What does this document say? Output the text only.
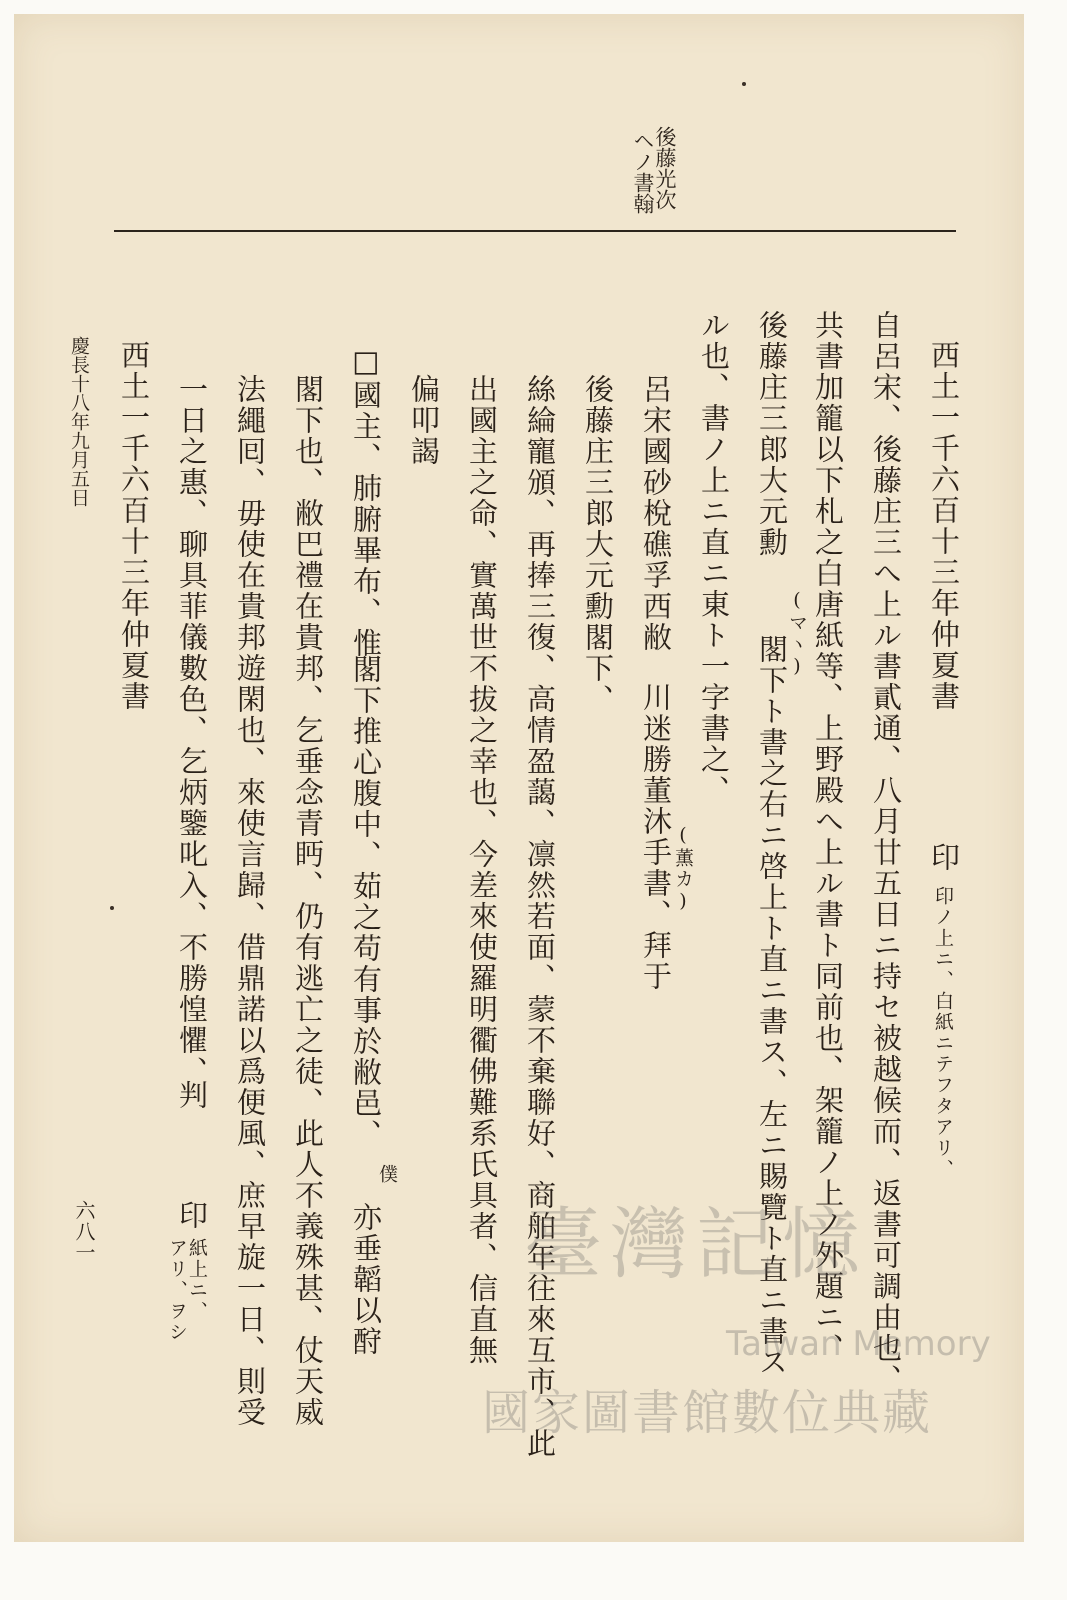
後藤光次
ヘノ書翰
西土一千六百十三年仲夏書
印
印ノ上ニ、白紙ニテフタアリ、
自呂宋、後藤庄三へ上ル書貳通、八月廿五日ニ持セ被越候而、返書可調由也、
共書加籠以下札之白唐紙等、上野殿へ上ル書ト同前也、架籠ノ上ノ外題ニ、
後藤庄三郎大元勳
(マヽ)
閣下ト書之右ニ啓上ト直ニ書ス、左ニ賜覽ト直ニ書ス
ル也、書ノ上ニ直ニ東ト一字書之、
呂宋國砂梲礁孚西敝
(薫カ)
川迷勝董沐手書、拜于
後藤庄三郎大元勳閣下、
絲綸寵頒、再捧三復、高情盈藹、凛然若面、蒙不棄聯好、商舶年往來互市、此
出國主之命、實萬世不拔之幸也、今差來使羅明衢佛難系氏具者、信直無
偏叩謁
□國主、肺腑畢布、惟
閣下推心腹中、茹之苟有事於敝邑、
僕
亦垂韜以酧
閣下也、敝巴禮在貴邦、乞垂念青眄、仍有逃亡之徒、此人不義殊甚、仗天威
法繩囘、毋使在貴邦遊閑也、來使言歸、借鼎諾以爲便風、庶早旋一日、則受
一日之惠、聊具菲儀數色、乞炳鑒叱入、不勝惶懼、
判
印
紙上ニ、
アリ、ヲシ
西土一千六百十三年仲夏書
慶長十八年九月五日
六八一	臺灣記憶
Taiwan Memory
國家圖書館數位典藏
